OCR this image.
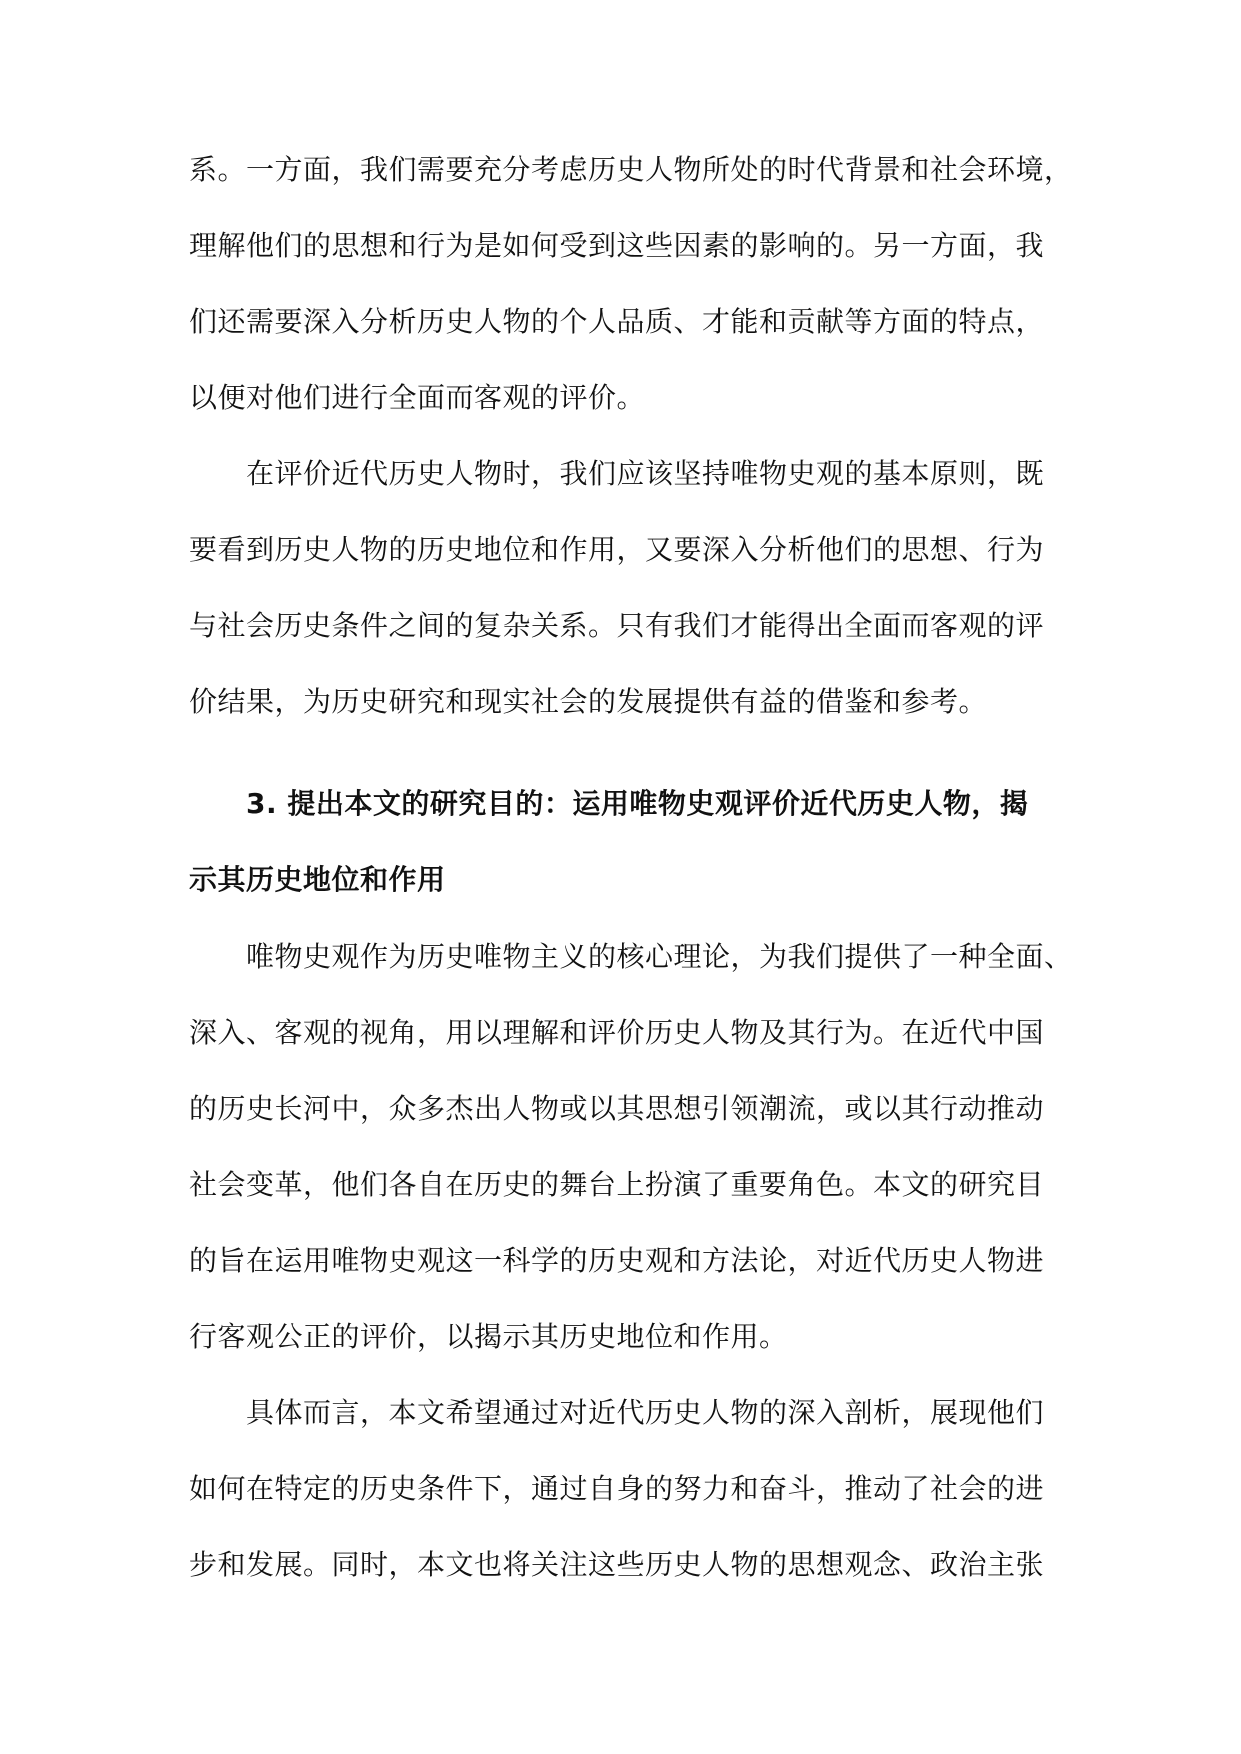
系。一方面，我们需要充分考虑历史人物所处的时代背景和社会环境，
理解他们的思想和行为是如何受到这些因素的影响的。另一方面，我
们还需要深入分析历史人物的个人品质、才能和贡献等方面的特点，
以便对他们进行全面而客观的评价。
在评价近代历史人物时，我们应该坚持唯物史观的基本原则，既
要看到历史人物的历史地位和作用，又要深入分析他们的思想、行为
与社会历史条件之间的复杂关系。只有我们才能得出全面而客观的评
价结果，为历史研究和现实社会的发展提供有益的借鉴和参考。
3. 提出本文的研究目的：运用唯物史观评价近代历史人物，揭
示其历史地位和作用
唯物史观作为历史唯物主义的核心理论，为我们提供了一种全面、
深入、客观的视角，用以理解和评价历史人物及其行为。在近代中国
的历史长河中，众多杰出人物或以其思想引领潮流，或以其行动推动
社会变革，他们各自在历史的舞台上扮演了重要角色。本文的研究目
的旨在运用唯物史观这一科学的历史观和方法论，对近代历史人物进
行客观公正的评价，以揭示其历史地位和作用。
具体而言，本文希望通过对近代历史人物的深入剖析，展现他们
如何在特定的历史条件下，通过自身的努力和奋斗，推动了社会的进
步和发展。同时，本文也将关注这些历史人物的思想观念、政治主张
